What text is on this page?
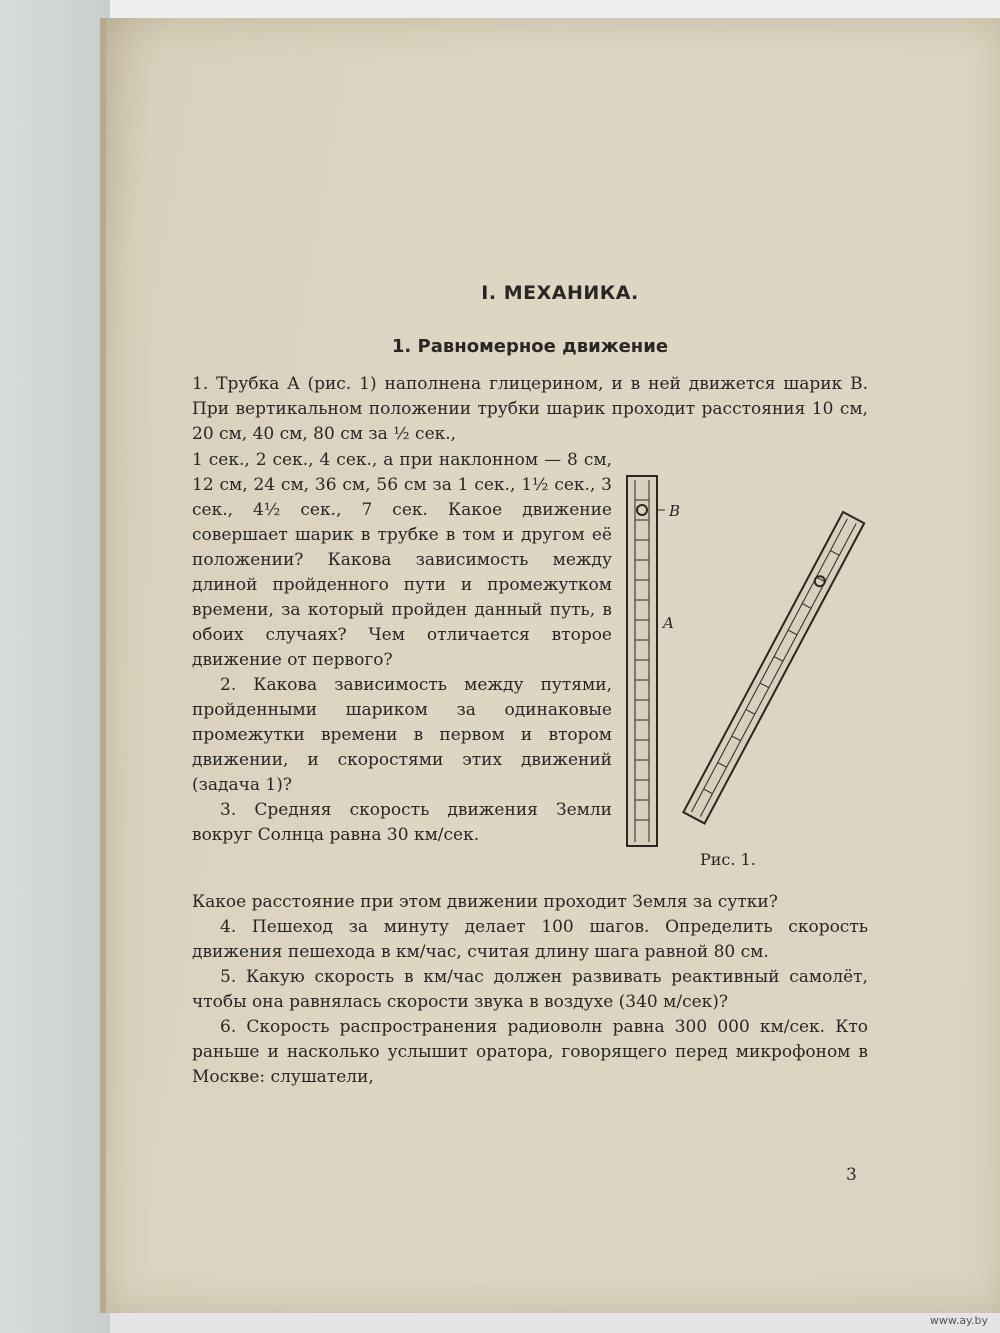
I. МЕХАНИКА.
1. Равномерное движение

1. Трубка A (рис. 1) наполнена глицерином, и в ней движется шарик B. При вертикальном положении трубки шарик проходит расстояния 10 см, 20 см, 40 см, 80 см за ½ сек.,

1 сек., 2 сек., 4 сек., а при наклонном — 8 см, 12 см, 24 см, 36 см, 56 см за 1 сек., 1½ сек., 3 сек., 4½ сек., 7 сек. Какое движение совершает шарик в трубке в том и другом её положении? Какова зависимость между длиной пройденного пути и промежутком времени, за который пройден данный путь, в обоих случаях? Чем отличается второе движение от первого?

2. Какова зависимость между путями, пройденными шариком за одинаковые промежутки времени в первом и втором движении, и скоростями этих движений (задача 1)?

3. Средняя скорость движения Земли вокруг Солнца равна 30 км/сек.

B
A
Рис. 1.

Какое расстояние при этом движении проходит Земля за сутки?

4. Пешеход за минуту делает 100 шагов. Определить скорость движения пешехода в км/час, считая длину шага равной 80 см.

5. Какую скорость в км/час должен развивать реактивный самолёт, чтобы она равнялась скорости звука в воздухе (340 м/сек)?

6. Скорость распространения радиоволн равна 300 000 км/сек. Кто раньше и насколько услышит оратора, говорящего перед микрофоном в Москве: слушатели,

3
www.ay.by
